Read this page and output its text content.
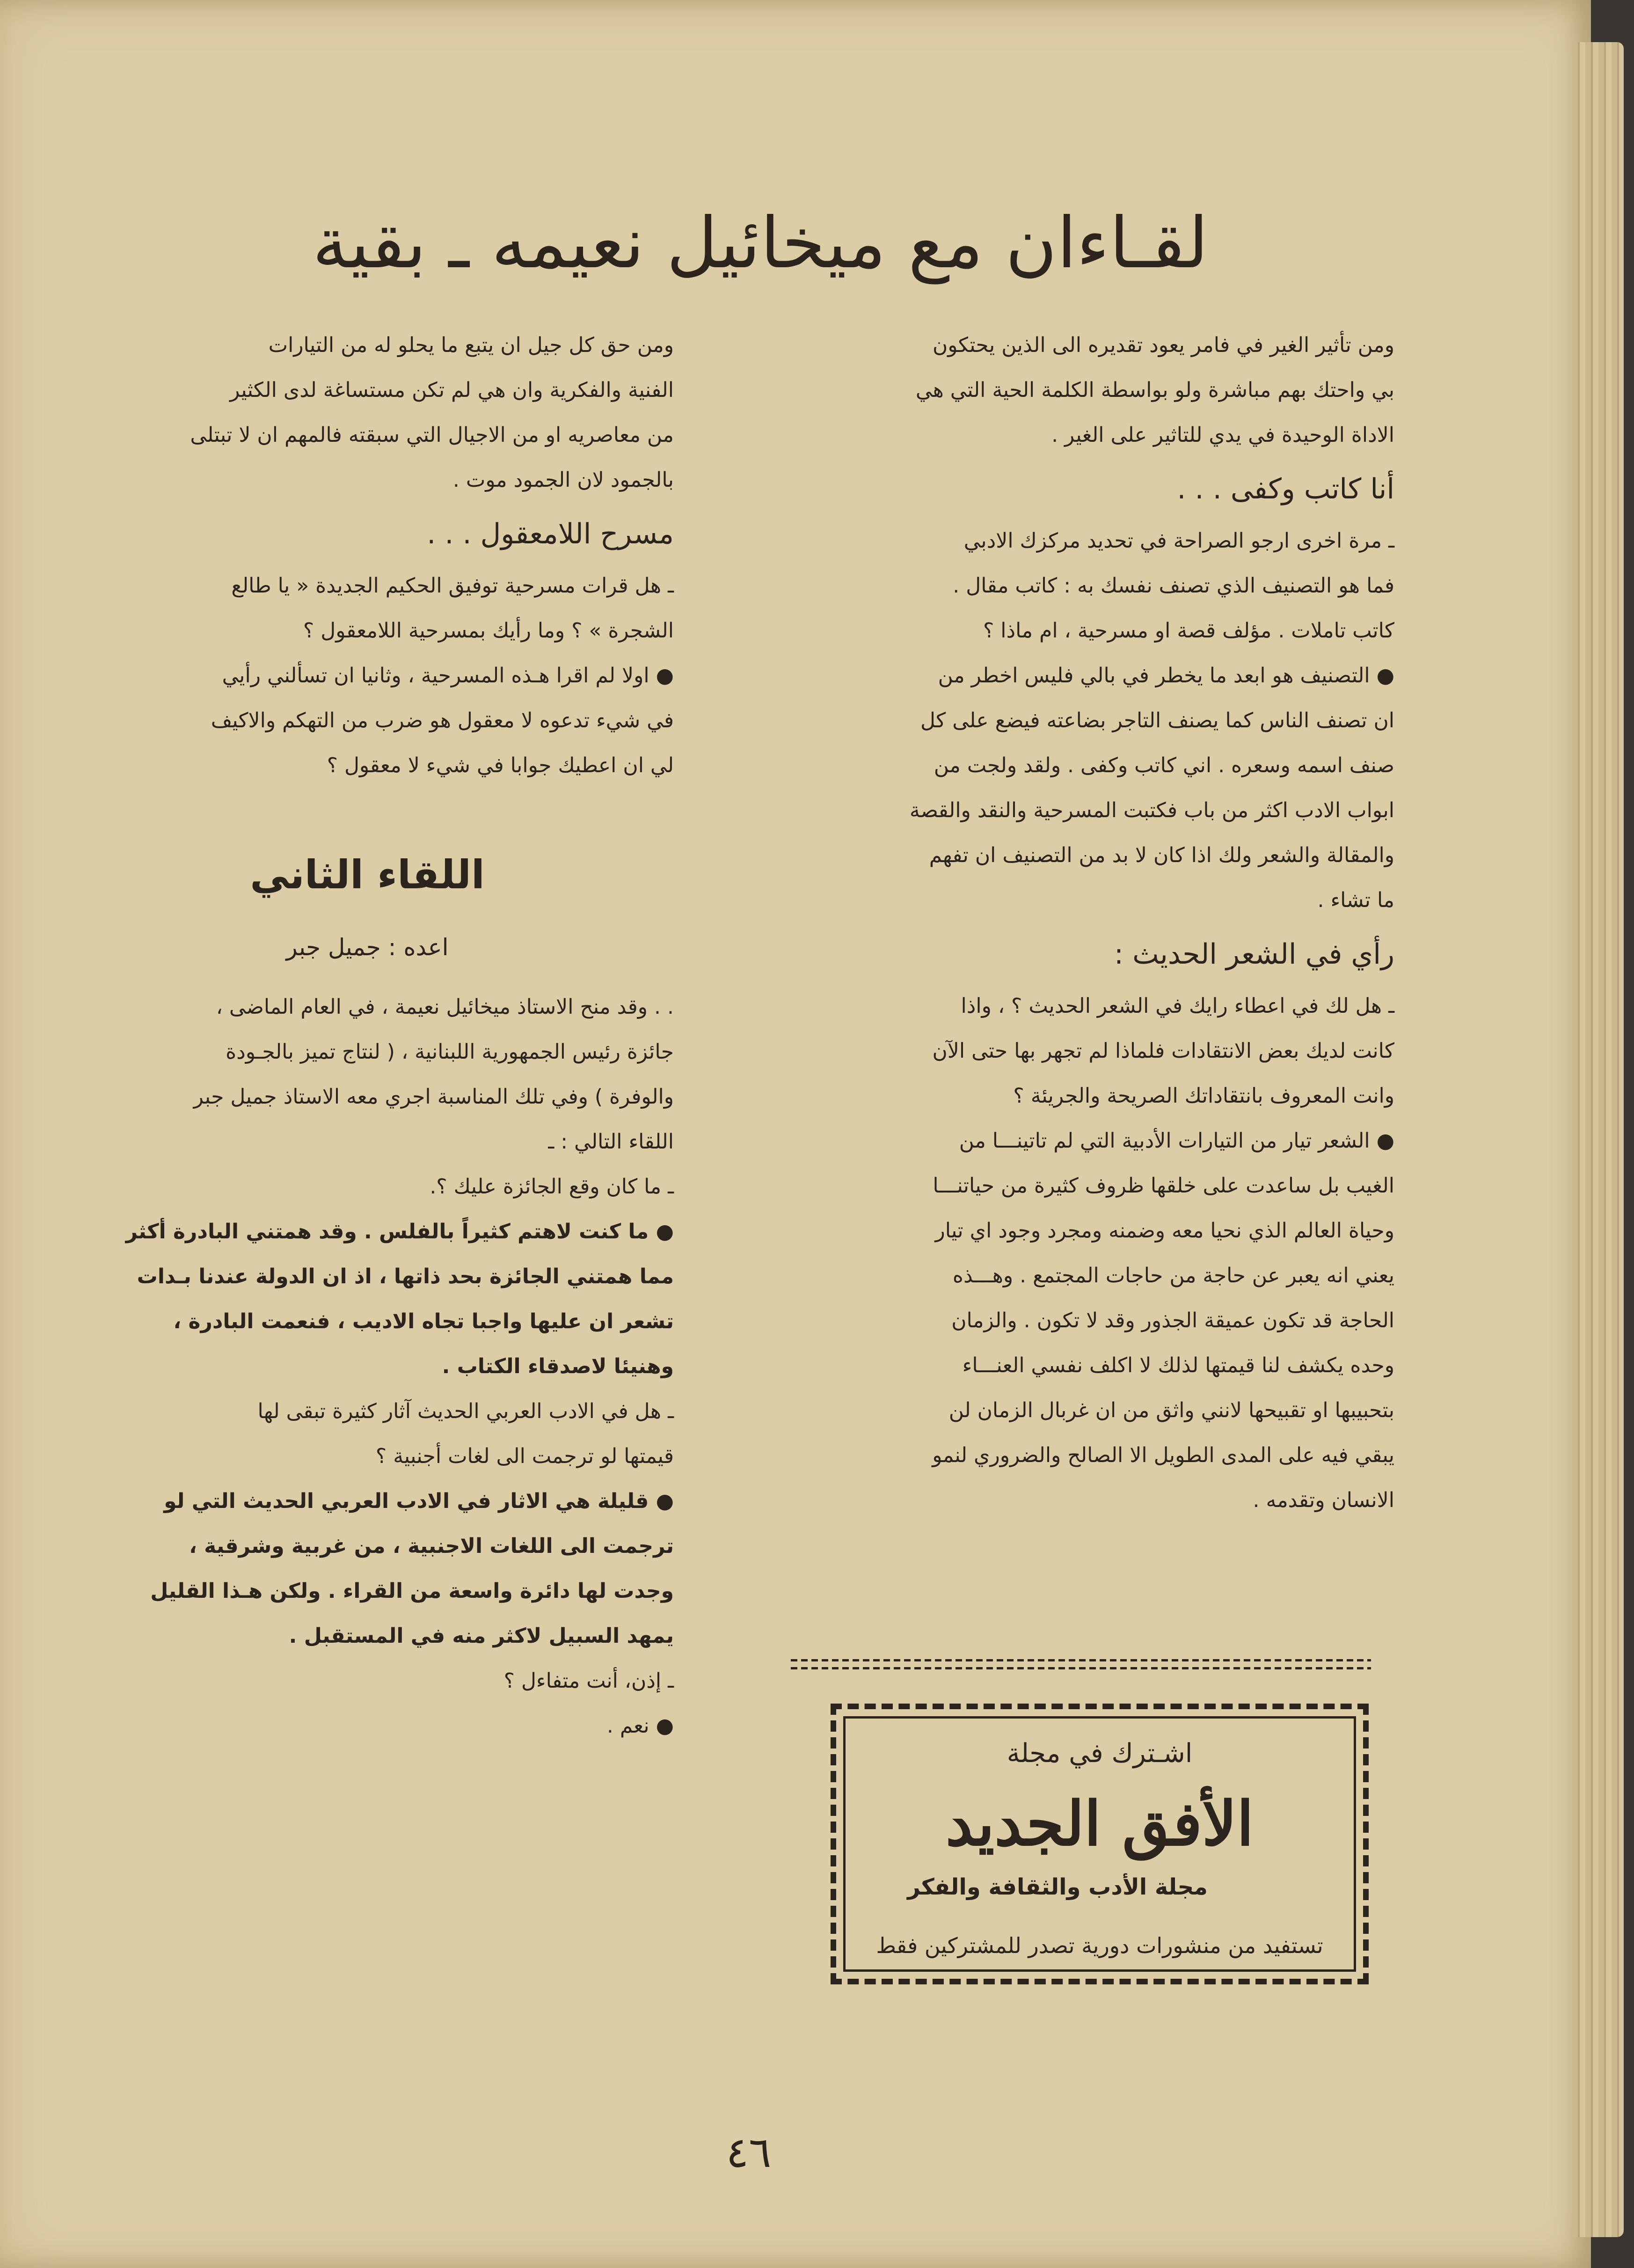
لقـاءان مع ميخائيل نعيمه ـ بقية

ومن تأثير الغير في فامر يعود تقديره الى الذين يحتكون

بي واحتك بهم مباشرة ولو بواسطة الكلمة الحية التي هي

الاداة الوحيدة في يدي للتاثير على الغير .

أنا كاتب وكفى . . .

ـ مرة اخرى ارجو الصراحة في تحديد مركزك الادبي

فما هو التصنيف الذي تصنف نفسك به : كاتب مقال .

كاتب تاملات . مؤلف قصة او مسرحية ، ام ماذا ؟

● التصنيف هو ابعد ما يخطر في بالي فليس اخطر من

ان تصنف الناس كما يصنف التاجر بضاعته فيضع على كل

صنف اسمه وسعره . اني كاتب وكفى . ولقد ولجت من

ابواب الادب اكثر من باب فكتبت المسرحية والنقد والقصة

والمقالة والشعر ولك اذا كان لا بد من التصنيف ان تفهم

ما تشاء .

رأي في الشعر الحديث :

ـ هل لك في اعطاء رايك في الشعر الحديث ؟ ، واذا

كانت لديك بعض الانتقادات فلماذا لم تجهر بها حتى الآن

وانت المعروف بانتقاداتك الصريحة والجريئة ؟

● الشعر تيار من التيارات الأدبية التي لم تاتينـــا من

الغيب بل ساعدت على خلقها ظروف كثيرة من حياتنـــا

وحياة العالم الذي نحيا معه وضمنه ومجرد وجود اي تيار

يعني انه يعبر عن حاجة من حاجات المجتمع . وهـــذه

الحاجة قد تكون عميقة الجذور وقد لا تكون . والزمان

وحده يكشف لنا قيمتها لذلك لا اكلف نفسي العنـــاء

بتحبيبها او تقبيحها لانني واثق من ان غربال الزمان لن

يبقي فيه على المدى الطويل الا الصالح والضروري لنمو

الانسان وتقدمه .

ومن حق كل جيل ان يتبع ما يحلو له من التيارات

الفنية والفكرية وان هي لم تكن مستساغة لدى الكثير

من معاصريه او من الاجيال التي سبقته فالمهم ان لا تبتلى

بالجمود لان الجمود موت .

مسرح اللامعقول . . .

ـ هل قرات مسرحية توفيق الحكيم الجديدة « يا طالع

الشجرة » ؟ وما رأيك بمسرحية اللامعقول ؟

● اولا لم اقرا هـذه المسرحية ، وثانيا ان تسألني رأيي

في شيء تدعوه لا معقول هو ضرب من التهكم والاكيف

لي ان اعطيك جوابا في شيء لا معقول ؟

اللقاء الثاني
اعده : جميل جبر

. . وقد منح الاستاذ ميخائيل نعيمة ، في العام الماضى ،

جائزة رئيس الجمهورية اللبنانية ، ( لنتاج تميز بالجـودة

والوفرة ) وفي تلك المناسبة اجري معه الاستاذ جميل جبر

اللقاء التالي : ـ

ـ ما كان وقع الجائزة عليك ؟.

● ما كنت لاهتم كثيراً بالفلس . وقد همتني البادرة أكثر

مما همتني الجائزة بحد ذاتها ، اذ ان الدولة عندنا بـدات

تشعر ان عليها واجبا تجاه الاديب ، فنعمت البادرة ،

وهنيئا لاصدقاء الكتاب .

ـ هل في الادب العربي الحديث آثار كثيرة تبقى لها

قيمتها لو ترجمت الى لغات أجنبية ؟

● قليلة هي الاثار في الادب العربي الحديث التي لو

ترجمت الى اللغات الاجنبية ، من غربية وشرقية ،

وجدت لها دائرة واسعة من القراء . ولكن هـذا القليل

يمهد السبيل لاكثر منه في المستقبل .

ـ إذن، أنت متفاءل ؟

● نعم .

اشـترك في مجلة
الأفق الجديد
مجلة الأدب والثقافة والفكر
تستفيد من منشورات دورية تصدر للمشتركين فقط
٤٦
